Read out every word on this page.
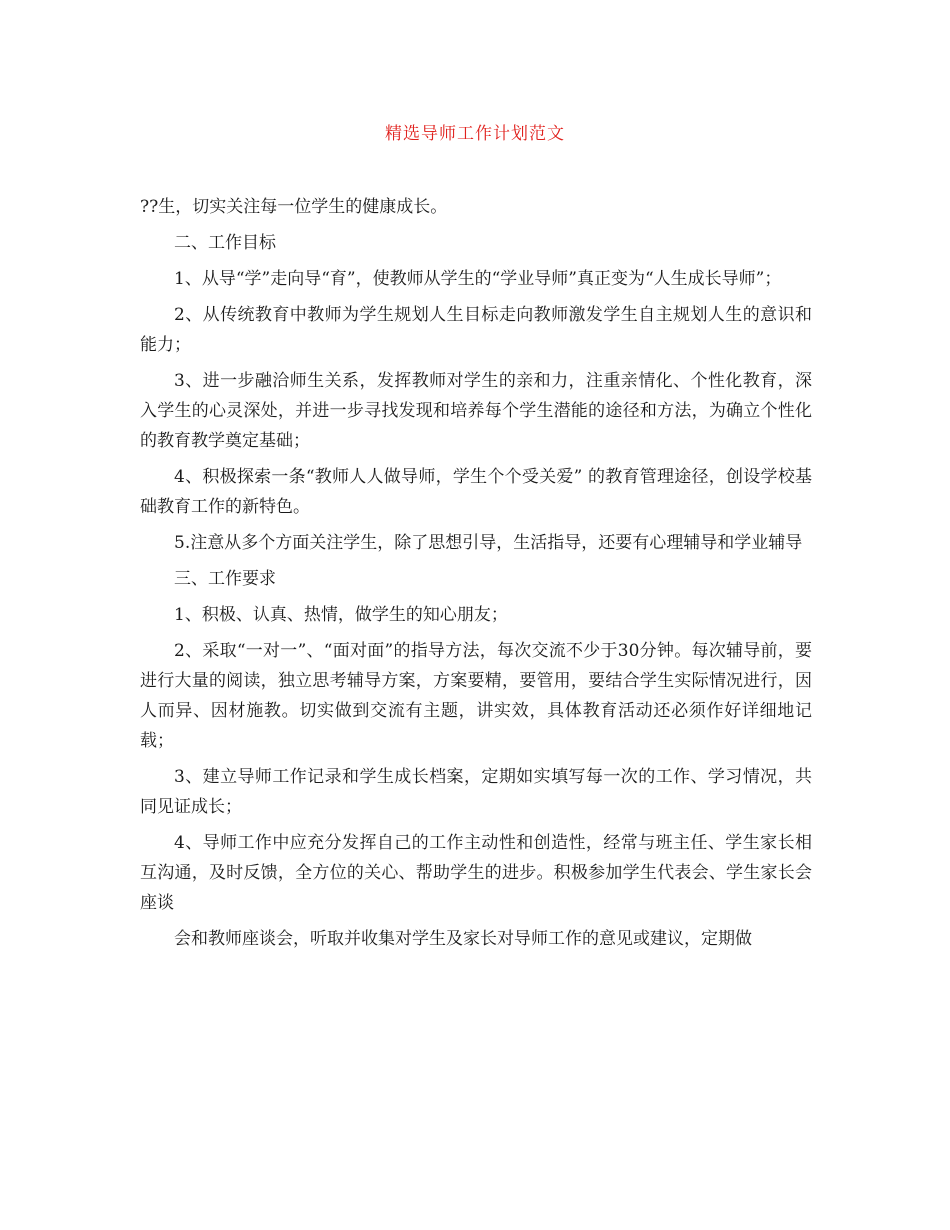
精选导师工作计划范文

??生，切实关注每一位学生的健康成长。

二、工作目标

1、从导“学”走向导“育”，使教师从学生的“学业导师”真正变为“人生成长导师”；

2、从传统教育中教师为学生规划人生目标走向教师激发学生自主规划人生的意识和能力；

3、进一步融洽师生关系，发挥教师对学生的亲和力，注重亲情化、个性化教育，深入学生的心灵深处，并进一步寻找发现和培养每个学生潜能的途径和方法，为确立个性化的教育教学奠定基础；

4、积极探索一条“教师人人做导师，学生个个受关爱” 的教育管理途径，创设学校基础教育工作的新特色。

5.注意从多个方面关注学生，除了思想引导，生活指导，还要有心理辅导和学业辅导

三、工作要求

1、积极、认真、热情，做学生的知心朋友；

2、采取“一对一”、“面对面”的指导方法，每次交流不少于30分钟。每次辅导前，要进行大量的阅读，独立思考辅导方案，方案要精，要管用，要结合学生实际情况进行，因人而异、因材施教。切实做到交流有主题，讲实效，具体教育活动还必须作好详细地记载；

3、建立导师工作记录和学生成长档案，定期如实填写每一次的工作、学习情况，共同见证成长；

4、导师工作中应充分发挥自己的工作主动性和创造性，经常与班主任、学生家长相互沟通，及时反馈，全方位的关心、帮助学生的进步。积极参加学生代表会、学生家长会座谈

会和教师座谈会，听取并收集对学生及家长对导师工作的意见或建议，定期做
